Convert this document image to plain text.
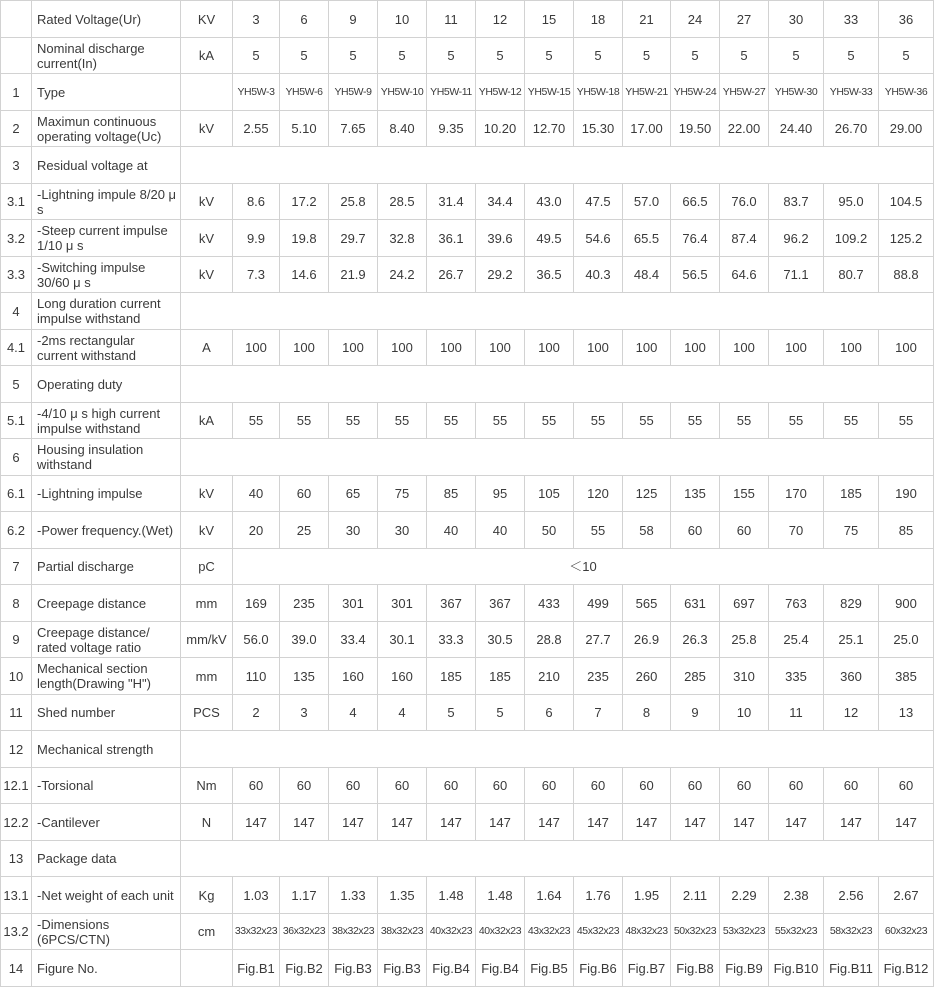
	Rated Voltage(Ur)	KV	3	6	9	10	11	12	15	18	21	24	27	30	33	36
	Nominal discharge current(In)	kA	5	5	5	5	5	5	5	5	5	5	5	5	5	5
1	Type		YH5W-3	YH5W-6	YH5W-9	YH5W-10	YH5W-11	YH5W-12	YH5W-15	YH5W-18	YH5W-21	YH5W-24	YH5W-27	YH5W-30	YH5W-33	YH5W-36
2	Maximun continuous operating voltage(Uc)	kV	2.55	5.10	7.65	8.40	9.35	10.20	12.70	15.30	17.00	19.50	22.00	24.40	26.70	29.00
3	Residual voltage at															
3.1	-Lightning impule 8/20 μ s	kV	8.6	17.2	25.8	28.5	31.4	34.4	43.0	47.5	57.0	66.5	76.0	83.7	95.0	104.5
3.2	-Steep current impulse 1/10 μ s	kV	9.9	19.8	29.7	32.8	36.1	39.6	49.5	54.6	65.5	76.4	87.4	96.2	109.2	125.2
3.3	-Switching impulse 30/60 μ s	kV	7.3	14.6	21.9	24.2	26.7	29.2	36.5	40.3	48.4	56.5	64.6	71.1	80.7	88.8
4	Long duration current impulse withstand															
4.1	-2ms rectangular current withstand	A	100	100	100	100	100	100	100	100	100	100	100	100	100	100
5	Operating duty															
5.1	-4/10 μ s high current impulse withstand	kA	55	55	55	55	55	55	55	55	55	55	55	55	55	55
6	Housing insulation withstand															
6.1	-Lightning impulse	kV	40	60	65	75	85	95	105	120	125	135	155	170	185	190
6.2	-Power frequency.(Wet)	kV	20	25	30	30	40	40	50	55	58	60	60	70	75	85
7	Partial discharge	pC	＜10													
8	Creepage distance	mm	169	235	301	301	367	367	433	499	565	631	697	763	829	900
9	Creepage distance/ rated voltage ratio	mm/kV	56.0	39.0	33.4	30.1	33.3	30.5	28.8	27.7	26.9	26.3	25.8	25.4	25.1	25.0
10	Mechanical section length(Drawing "H")	mm	110	135	160	160	185	185	210	235	260	285	310	335	360	385
11	Shed number	PCS	2	3	4	4	5	5	6	7	8	9	10	11	12	13
12	Mechanical strength															
12.1	-Torsional	Nm	60	60	60	60	60	60	60	60	60	60	60	60	60	60
12.2	-Cantilever	N	147	147	147	147	147	147	147	147	147	147	147	147	147	147
13	Package data															
13.1	-Net weight of each unit	Kg	1.03	1.17	1.33	1.35	1.48	1.48	1.64	1.76	1.95	2.11	2.29	2.38	2.56	2.67
13.2	-Dimensions (6PCS/CTN)	cm	33x32x23	36x32x23	38x32x23	38x32x23	40x32x23	40x32x23	43x32x23	45x32x23	48x32x23	50x32x23	53x32x23	55x32x23	58x32x23	60x32x23
14	Figure No.		Fig.B1	Fig.B2	Fig.B3	Fig.B3	Fig.B4	Fig.B4	Fig.B5	Fig.B6	Fig.B7	Fig.B8	Fig.B9	Fig.B10	Fig.B11	Fig.B12
